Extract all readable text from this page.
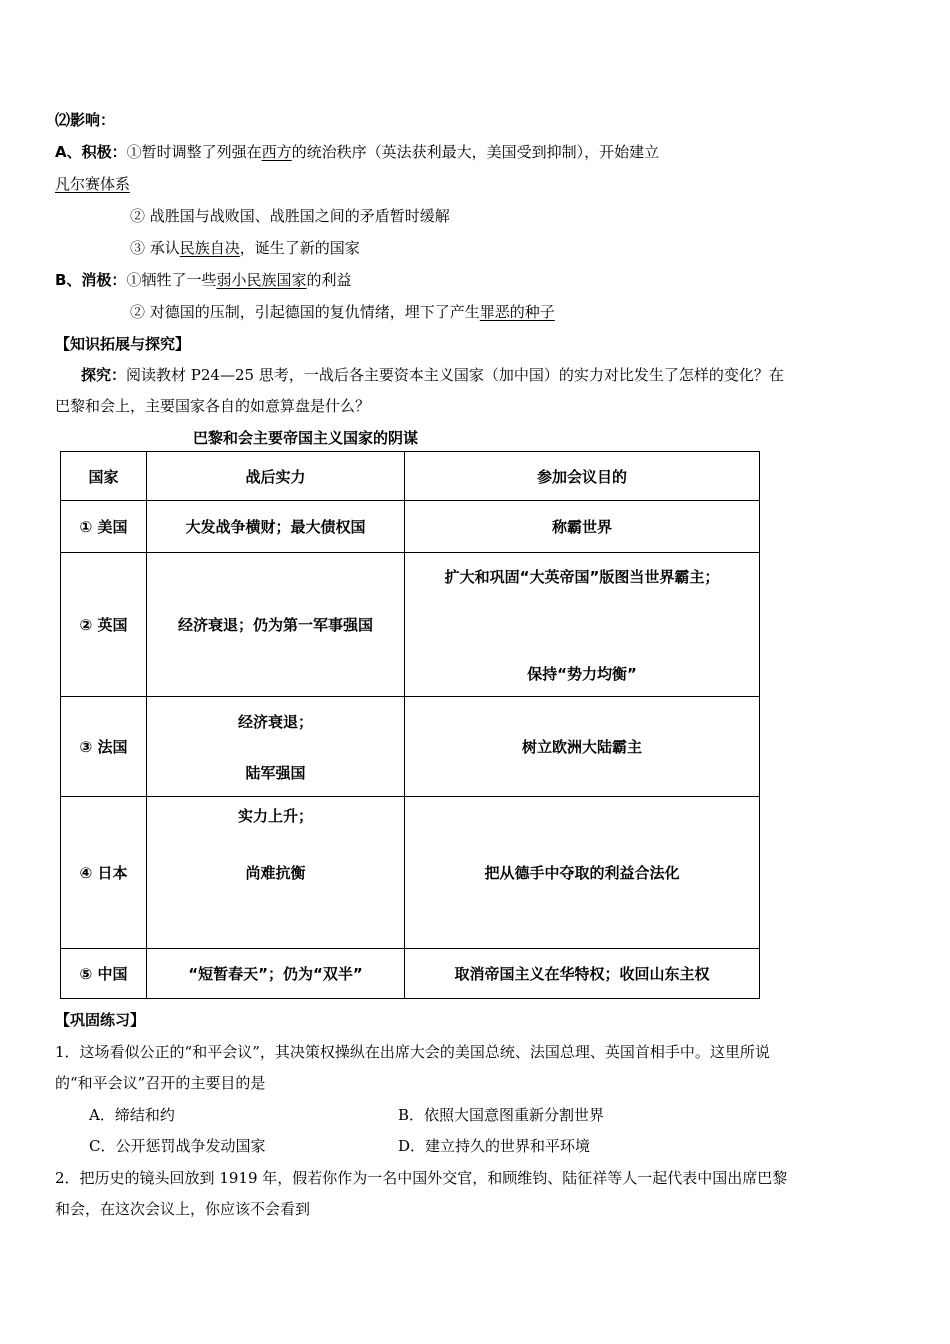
⑵影响：
A、积极：①暂时调整了列强在西方的统治秩序（英法获利最大，美国受到抑制），开始建立
凡尔赛体系
② 战胜国与战败国、战胜国之间的矛盾暂时缓解
③ 承认民族自决，诞生了新的国家
B、消极：①牺牲了一些弱小民族国家的利益
② 对德国的压制，引起德国的复仇情绪，埋下了产生罪恶的种子
【知识拓展与探究】
探究：阅读教材 P24—25 思考，一战后各主要资本主义国家（加中国）的实力对比发生了怎样的变化？在
巴黎和会上，主要国家各自的如意算盘是什么？
巴黎和会主要帝国主义国家的阴谋
国家	战后实力	参加会议目的
① 美国	大发战争横财；最大债权国	称霸世界
② 英国	经济衰退；仍为第一军事强国	扩大和巩固“大英帝国”版图当世界霸主；
保持“势力均衡”

③ 法国	经济衰退；
陆军强国	树立欧洲大陆霸主
④ 日本	实力上升；
尚难抗衡	把从德手中夺取的利益合法化
⑤ 中国	“短暂春天”；仍为“双半”	取消帝国主义在华特权；收回山东主权
【巩固练习】
1．这场看似公正的“和平会议”，其决策权操纵在出席大会的美国总统、法国总理、英国首相手中。这里所说
的“和平会议”召开的主要目的是
A．缔结和约	B．依照大国意图重新分割世界
C．公开惩罚战争发动国家	D．建立持久的世界和平环境
2．把历史的镜头回放到 1919 年，假若你作为一名中国外交官，和顾维钧、陆征祥等人一起代表中国出席巴黎
和会，在这次会议上，你应该不会看到
